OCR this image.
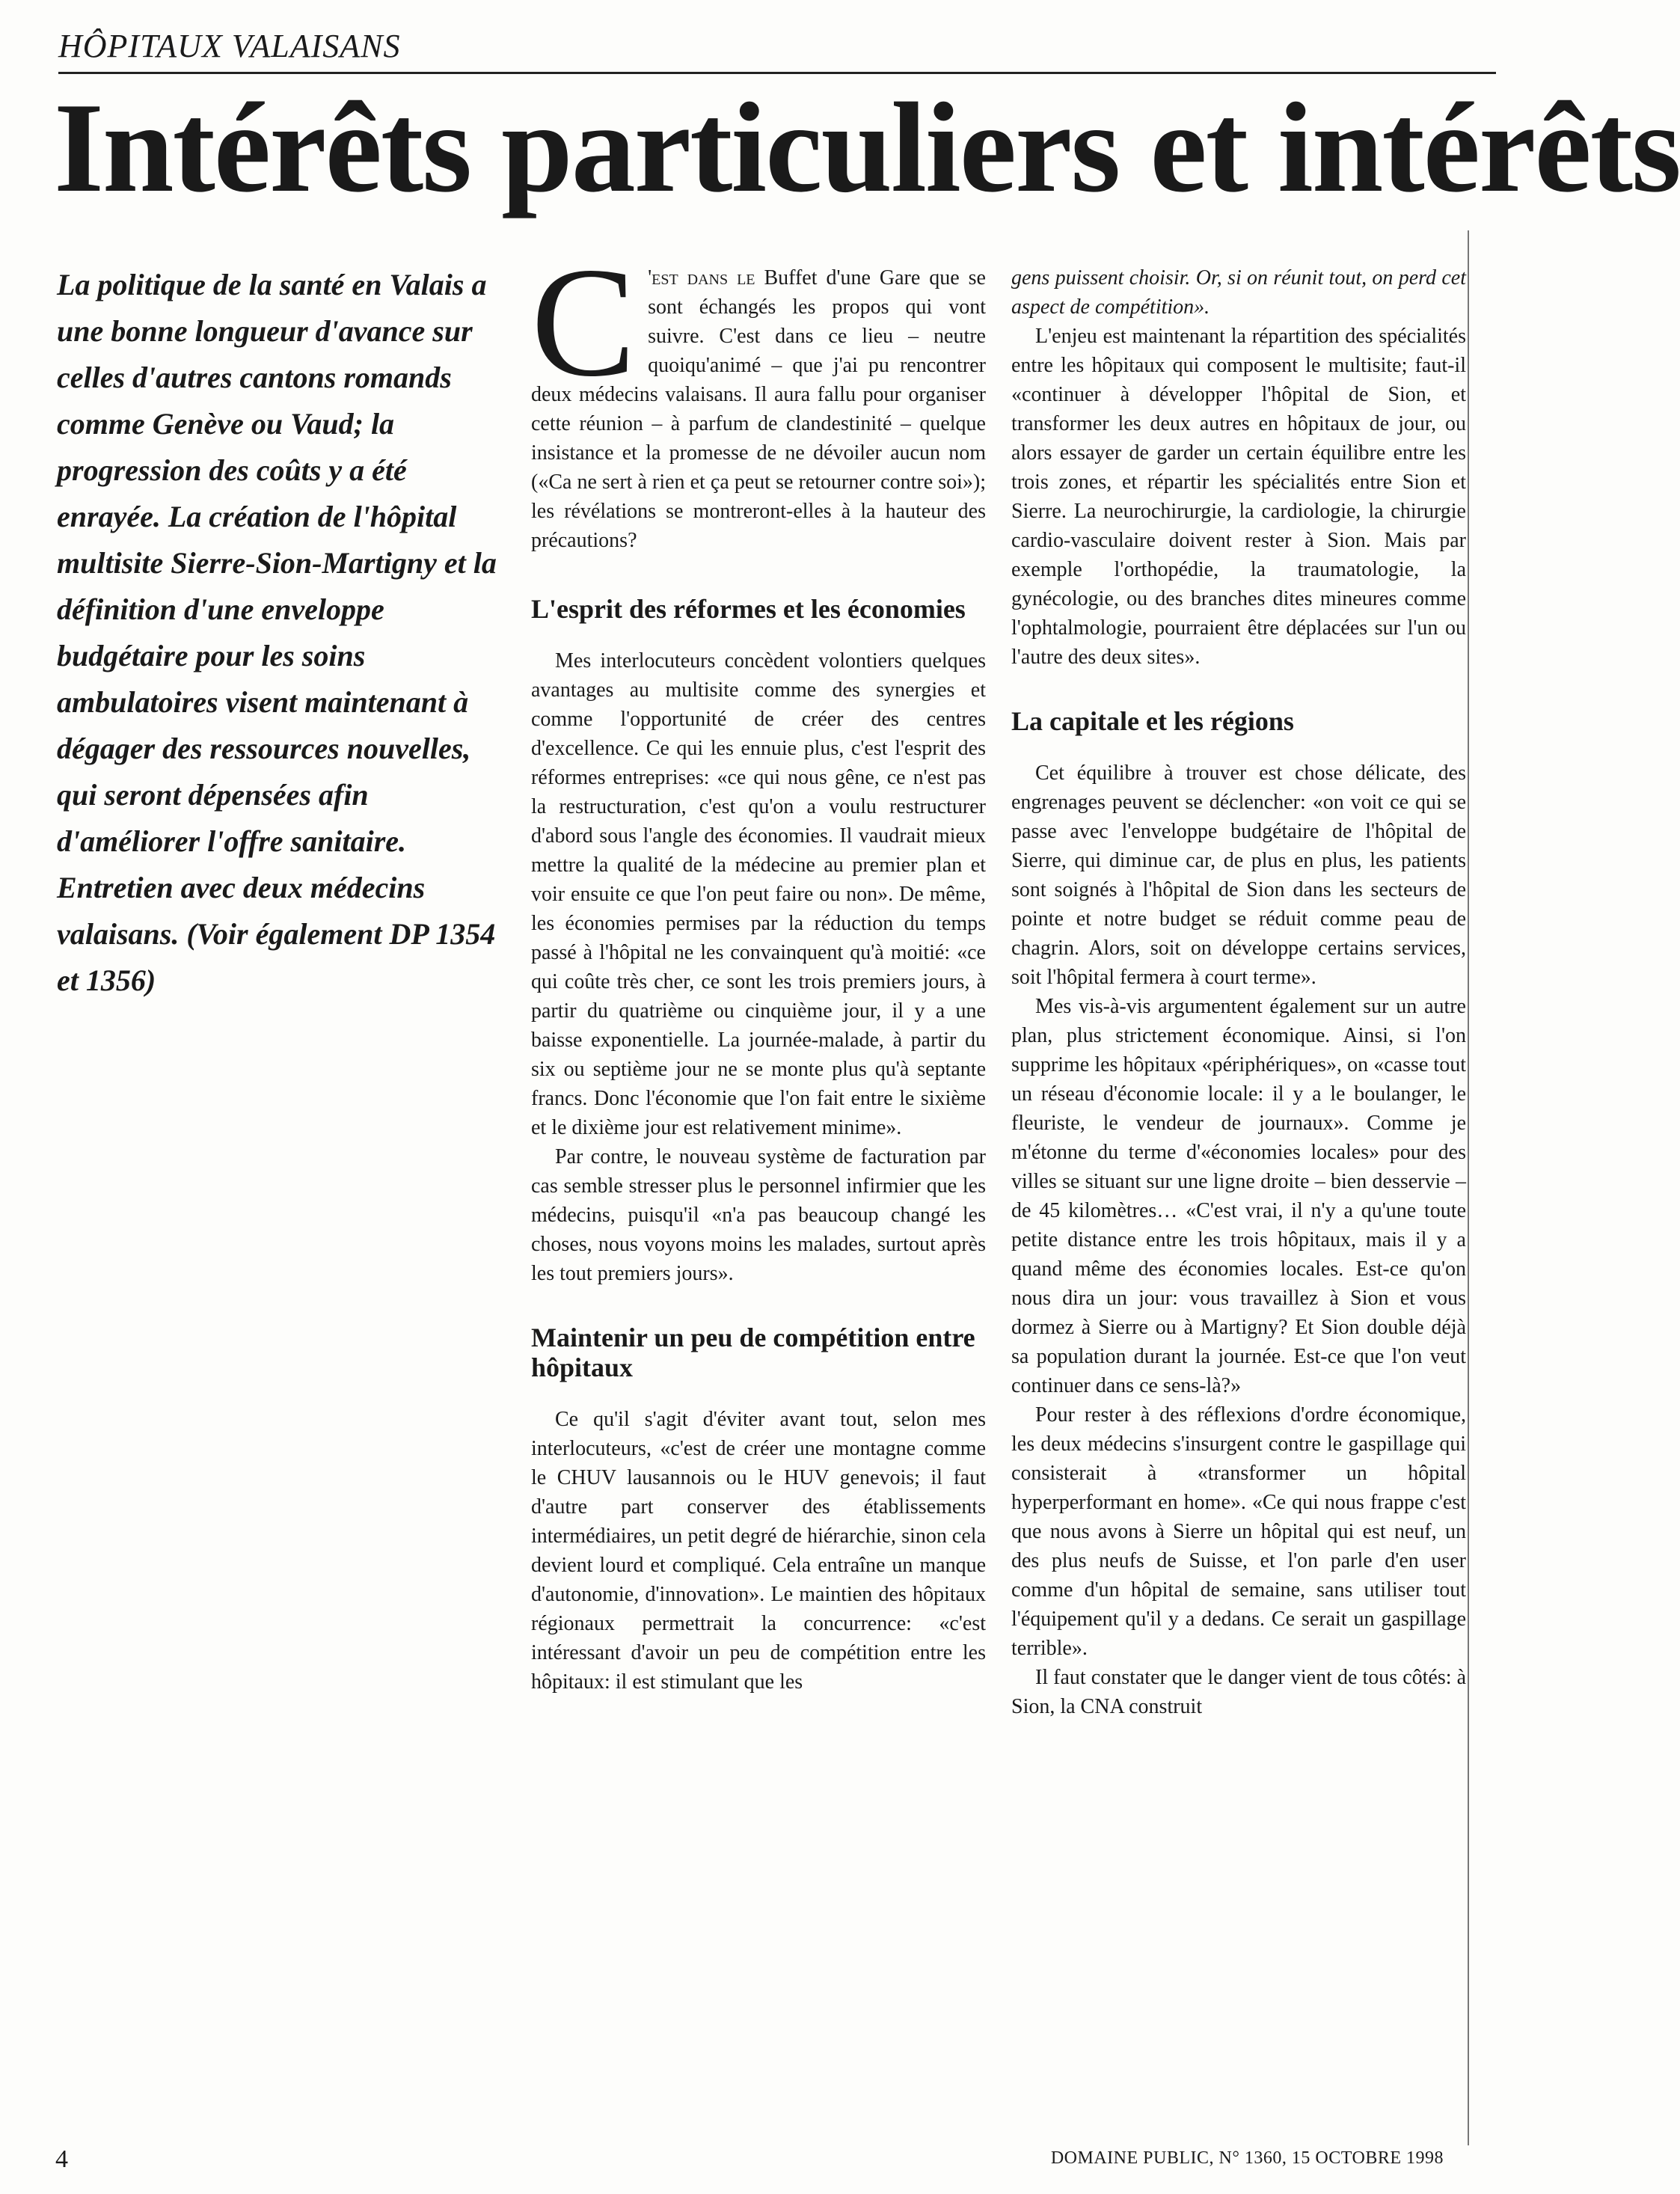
HÔPITAUX VALAISANS
Intérêts particuliers et intérêts
La politique de la santé en Valais a une bonne longueur d'avance sur celles d'autres cantons romands comme Genève ou Vaud; la progression des coûts y a été enrayée. La création de l'hôpital multisite Sierre-Sion-Martigny et la définition d'une enveloppe budgétaire pour les soins ambulatoires visent maintenant à dégager des ressources nouvelles, qui seront dépensées afin d'améliorer l'offre sanitaire. Entretien avec deux médecins valaisans. (Voir également DP 1354 et 1356)

C 'est dans le Buffet d'une Gare que se sont échangés les propos qui vont suivre. C'est dans ce lieu – neutre quoiqu'animé – que j'ai pu rencontrer deux médecins valaisans. Il aura fallu pour organiser cette réunion – à parfum de clandestinité – quelque insistance et la promesse de ne dévoiler aucun nom («Ca ne sert à rien et ça peut se retourner contre soi»); les révélations se montreront-elles à la hauteur des précautions?

L'esprit des réformes et les économies

Mes interlocuteurs concèdent volontiers quelques avantages au multisite comme des synergies et comme l'opportunité de créer des centres d'excellence. Ce qui les ennuie plus, c'est l'esprit des réformes entreprises: «ce qui nous gêne, ce n'est pas la restructuration, c'est qu'on a voulu restructurer d'abord sous l'angle des économies. Il vaudrait mieux mettre la qualité de la médecine au premier plan et voir ensuite ce que l'on peut faire ou non». De même, les économies permises par la réduction du temps passé à l'hôpital ne les convainquent qu'à moitié: «ce qui coûte très cher, ce sont les trois premiers jours, à partir du quatrième ou cinquième jour, il y a une baisse exponentielle. La journée-malade, à partir du six ou septième jour ne se monte plus qu'à septante francs. Donc l'économie que l'on fait entre le sixième et le dixième jour est relativement minime».

Par contre, le nouveau système de facturation par cas semble stresser plus le personnel infirmier que les médecins, puisqu'il «n'a pas beaucoup changé les choses, nous voyons moins les malades, surtout après les tout premiers jours».

Maintenir un peu de compétition entre hôpitaux

Ce qu'il s'agit d'éviter avant tout, selon mes interlocuteurs, «c'est de créer une montagne comme le CHUV lausannois ou le HUV genevois; il faut d'autre part conserver des établissements intermédiaires, un petit degré de hiérarchie, sinon cela devient lourd et compliqué. Cela entraîne un manque d'autonomie, d'innovation». Le maintien des hôpitaux régionaux permettrait la concurrence: «c'est intéressant d'avoir un peu de compétition entre les hôpitaux: il est stimulant que les

gens puissent choisir. Or, si on réunit tout, on perd cet aspect de compétition».

L'enjeu est maintenant la répartition des spécialités entre les hôpitaux qui composent le multisite; faut-il «continuer à développer l'hôpital de Sion, et transformer les deux autres en hôpitaux de jour, ou alors essayer de garder un certain équilibre entre les trois zones, et répartir les spécialités entre Sion et Sierre. La neurochirurgie, la cardiologie, la chirurgie cardio-vasculaire doivent rester à Sion. Mais par exemple l'orthopédie, la traumatologie, la gynécologie, ou des branches dites mineures comme l'ophtalmologie, pourraient être déplacées sur l'un ou l'autre des deux sites».

La capitale et les régions

Cet équilibre à trouver est chose délicate, des engrenages peuvent se déclencher: «on voit ce qui se passe avec l'enveloppe budgétaire de l'hôpital de Sierre, qui diminue car, de plus en plus, les patients sont soignés à l'hôpital de Sion dans les secteurs de pointe et notre budget se réduit comme peau de chagrin. Alors, soit on développe certains services, soit l'hôpital fermera à court terme».

Mes vis-à-vis argumentent également sur un autre plan, plus strictement économique. Ainsi, si l'on supprime les hôpitaux «périphériques», on «casse tout un réseau d'économie locale: il y a le boulanger, le fleuriste, le vendeur de journaux». Comme je m'étonne du terme d'«économies locales» pour des villes se situant sur une ligne droite – bien desservie – de 45 kilomètres… «C'est vrai, il n'y a qu'une toute petite distance entre les trois hôpitaux, mais il y a quand même des économies locales. Est-ce qu'on nous dira un jour: vous travaillez à Sion et vous dormez à Sierre ou à Martigny? Et Sion double déjà sa population durant la journée. Est-ce que l'on veut continuer dans ce sens-là?»

Pour rester à des réflexions d'ordre économique, les deux médecins s'insurgent contre le gaspillage qui consisterait à «transformer un hôpital hyperperformant en home». «Ce qui nous frappe c'est que nous avons à Sierre un hôpital qui est neuf, un des plus neufs de Suisse, et l'on parle d'en user comme d'un hôpital de semaine, sans utiliser tout l'équipement qu'il y a dedans. Ce serait un gaspillage terrible».

Il faut constater que le danger vient de tous côtés: à Sion, la CNA construit

4	DOMAINE PUBLIC, N° 1360, 15 OCTOBRE 1998
